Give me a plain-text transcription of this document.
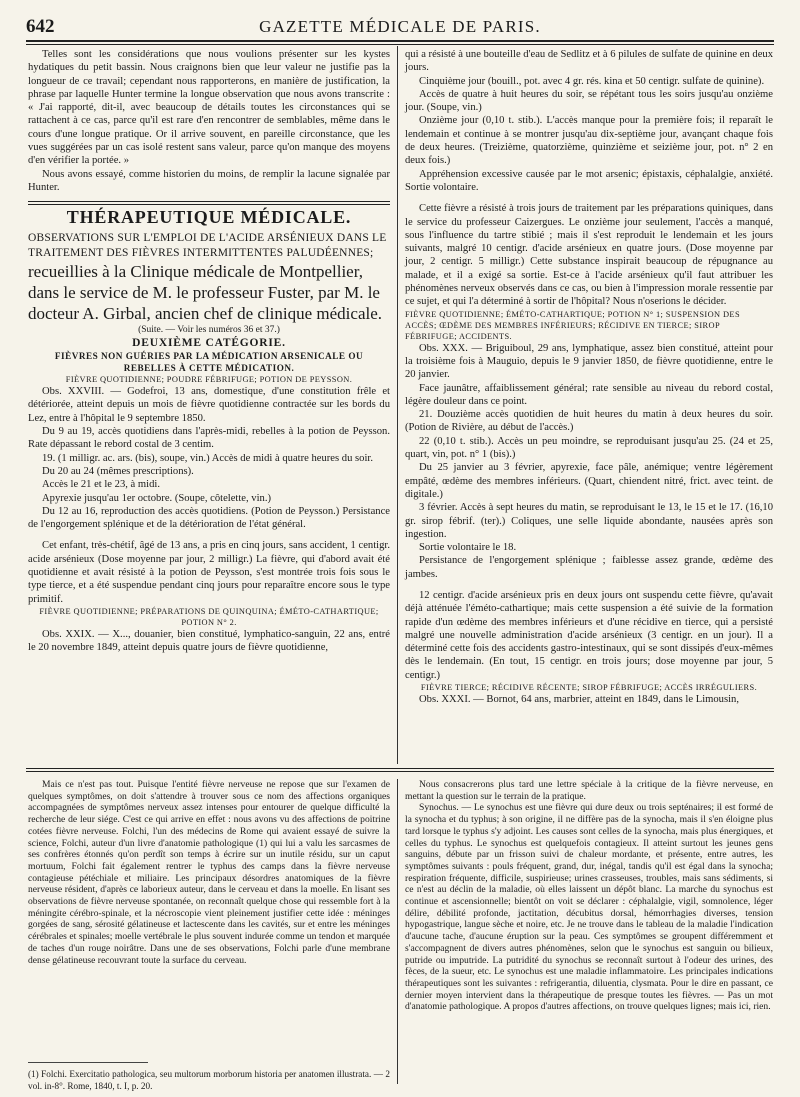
642	GAZETTE MÉDICALE DE PARIS.

Telles sont les considérations que nous voulions présenter sur les kystes hydatiques du petit bassin. Nous craignons bien que leur valeur ne justifie pas la longueur de ce travail; cependant nous rapporterons, en manière de justification, la phrase par laquelle Hunter termine la longue observation que nous avons transcrite : « J'ai rapporté, dit-il, avec beaucoup de détails toutes les circonstances qui se rattachent à ce cas, parce qu'il est rare d'en rencontrer de semblables, même dans le cours d'une longue pratique. Or il arrive souvent, en pareille circonstance, que les vues suggérées par un cas isolé restent sans valeur, parce qu'on manque des moyens d'en vérifier la portée. »

Nous avons essayé, comme historien du moins, de remplir la lacune signalée par Hunter.

THÉRAPEUTIQUE MÉDICALE.

OBSERVATIONS SUR L'EMPLOI DE L'ACIDE ARSÉNIEUX DANS LE TRAITEMENT DES FIÈVRES INTERMITTENTES PALUDÉENNES;

recueillies à la Clinique médicale de Montpellier, dans le service de M. le professeur Fuster, par M. le docteur A. Girbal, ancien chef de clinique médicale.

(Suite. — Voir les numéros 36 et 37.)

DEUXIÈME CATÉGORIE.

FIÈVRES NON GUÉRIES PAR LA MÉDICATION ARSENICALE OU REBELLES À CETTE MÉDICATION.

FIÈVRE QUOTIDIENNE; POUDRE FÉBRIFUGE; POTION DE PEYSSON.

Obs. XXVIII. — Godefroi, 13 ans, domestique, d'une constitution frêle et détériorée, atteint depuis un mois de fièvre quotidienne contractée sur les bords du Lez, entre à l'hôpital le 9 septembre 1850.

Du 9 au 19, accès quotidiens dans l'après-midi, rebelles à la potion de Peysson. Rate dépassant le rebord costal de 3 centim.

19. (1 milligr. ac. ars. (bis), soupe, vin.) Accès de midi à quatre heures du soir.

Du 20 au 24 (mêmes prescriptions).

Accès le 21 et le 23, à midi.

Apyrexie jusqu'au 1er octobre. (Soupe, côtelette, vin.)

Du 12 au 16, reproduction des accès quotidiens. (Potion de Peysson.) Persistance de l'engorgement splénique et de la détérioration de l'état général.

Cet enfant, très-chétif, âgé de 13 ans, a pris en cinq jours, sans accident, 1 centigr. acide arsénieux (Dose moyenne par jour, 2 milligr.) La fièvre, qui d'abord avait été quotidienne et avait résisté à la potion de Peysson, s'est montrée trois fois sous le type tierce, et a été suspendue pendant cinq jours pour reparaître encore sous le type primitif.

FIÈVRE QUOTIDIENNE; PRÉPARATIONS DE QUINQUINA; ÉMÉTO-CATHARTIQUE; POTION N° 2.

Obs. XXIX. — X..., douanier, bien constitué, lymphatico-sanguin, 22 ans, entré le 20 novembre 1849, atteint depuis quatre jours de fièvre quotidienne,

qui a résisté à une bouteille d'eau de Sedlitz et à 6 pilules de sulfate de quinine en deux jours.

Cinquième jour (bouill., pot. avec 4 gr. rés. kina et 50 centigr. sulfate de quinine).

Accès de quatre à huit heures du soir, se répétant tous les soirs jusqu'au onzième jour. (Soupe, vin.)

Onzième jour (0,10 t. stib.). L'accès manque pour la première fois; il reparaît le lendemain et continue à se montrer jusqu'au dix-septième jour, avançant chaque fois de deux heures. (Treizième, quatorzième, quinzième et seizième jour, pot. n° 2 en deux fois.)

Appréhension excessive causée par le mot arsenic; épistaxis, céphalalgie, anxiété. Sortie volontaire.

Cette fièvre a résisté à trois jours de traitement par les préparations quiniques, dans le service du professeur Caizergues. Le onzième jour seulement, l'accès a manqué, sous l'influence du tartre stibié ; mais il s'est reproduit le lendemain et les jours suivants, malgré 10 centigr. d'acide arsénieux en quatre jours. (Dose moyenne par jour, 2 centigr. 5 milligr.) Cette substance inspirait beaucoup de répugnance au malade, et il a exigé sa sortie. Est-ce à l'acide arsénieux qu'il faut attribuer les phénomènes nerveux observés dans ce cas, ou bien à l'impression morale ressentie par ce sujet, et qui l'a déterminé à sortir de l'hôpital? Nous n'oserions le décider.

FIÈVRE QUOTIDIENNE; ÉMÉTO-CATHARTIQUE; POTION N° 1; SUSPENSION DES ACCÈS; ŒDÈME DES MEMBRES INFÉRIEURS; RÉCIDIVE EN TIERCE; SIROP FÉBRIFUGE; ACCIDENTS.

Obs. XXX. — Briguiboul, 29 ans, lymphatique, assez bien constitué, atteint pour la troisième fois à Mauguio, depuis le 9 janvier 1850, de fièvre quotidienne, entre le 20 janvier.

Face jaunâtre, affaiblissement général; rate sensible au niveau du rebord costal, légère douleur dans ce point.

21. Douzième accès quotidien de huit heures du matin à deux heures du soir. (Potion de Rivière, au début de l'accès.)

22 (0,10 t. stib.). Accès un peu moindre, se reproduisant jusqu'au 25. (24 et 25, quart, vin, pot. n° 1 (bis).)

Du 25 janvier au 3 février, apyrexie, face pâle, anémique; ventre légèrement empâté, œdème des membres inférieurs. (Quart, chiendent nitré, frict. avec teint. de digitale.)

3 février. Accès à sept heures du matin, se reproduisant le 13, le 15 et le 17. (16,10 gr. sirop fébrif. (ter).) Coliques, une selle liquide abondante, nausées après son ingestion.

Sortie volontaire le 18.

Persistance de l'engorgement splénique ; faiblesse assez grande, œdème des jambes.

12 centigr. d'acide arsénieux pris en deux jours ont suspendu cette fièvre, qu'avait déjà atténuée l'éméto-cathartique; mais cette suspension a été suivie de la formation rapide d'un œdème des membres inférieurs et d'une récidive en tierce, qui a persisté malgré une nouvelle administration d'acide arsénieux (3 centigr. en un jour). Il a déterminé cette fois des accidents gastro-intestinaux, qui se sont dissipés d'eux-mêmes dès le lendemain. (En tout, 15 centigr. en trois jours; dose moyenne par jour, 5 centigr.)

FIÈVRE TIERCE; RÉCIDIVE RÉCENTE; SIROP FÉBRIFUGE; ACCÈS IRRÉGULIERS.

Obs. XXXI. — Bornot, 64 ans, marbrier, atteint en 1849, dans le Limousin,

Mais ce n'est pas tout. Puisque l'entité fièvre nerveuse ne repose que sur l'examen de quelques symptômes, on doit s'attendre à trouver sous ce nom des affections organiques accompagnées de symptômes nerveux assez intenses pour entourer de quelque difficulté la recherche de leur siége. C'est ce qui arrive en effet : nous avons vu des affections de poitrine cotées fièvre nerveuse. Folchi, l'un des médecins de Rome qui avaient essayé de suivre la science, Folchi, auteur d'un livre d'anatomie pathologique (1) qui lui a valu les sarcasmes de ses confrères étonnés qu'on perdît son temps à écrire sur un inutile résidu, sur un caput mortuum, Folchi fait également rentrer le typhus des camps dans la fièvre nerveuse contagieuse pétéchiale et miliaire. Les principaux désordres anatomiques de la fièvre nerveuse résident, d'après ce laborieux auteur, dans le cerveau et dans la moelle. En lisant ses observations de fièvre nerveuse spontanée, on reconnaît quelque chose qui ressemble fort à la méningite cérébro-spinale, et la nécroscopie vient pleinement justifier cette idée : méninges gorgées de sang, sérosité gélatineuse et lactescente dans les cavités, sur et entre les méninges cérébrales et spinales; moelle vertébrale le plus souvent indurée comme un tendon et marquée de taches d'un rouge noirâtre. Dans une de ses observations, Folchi parle d'une membrane dense gélatineuse recouvrant toute la surface du cerveau.

(1) Folchi. Exercitatio pathologica, seu multorum morborum historia per anatomen illustrata. — 2 vol. in-8°. Rome, 1840, t. I, p. 20.

Nous consacrerons plus tard une lettre spéciale à la critique de la fièvre nerveuse, en mettant la question sur le terrain de la pratique.

Synochus. — Le synochus est une fièvre qui dure deux ou trois septénaires; il est formé de la synocha et du typhus; à son origine, il ne diffère pas de la synocha, mais il s'en éloigne plus tard lorsque le typhus s'y adjoint. Les causes sont celles de la synocha, mais plus énergiques, et celles du typhus. Le synochus est quelquefois contagieux. Il atteint surtout les jeunes gens sanguins, débute par un frisson suivi de chaleur mordante, et présente, entre autres, les symptômes suivants : pouls fréquent, grand, dur, inégal, tandis qu'il est égal dans la synocha; respiration fréquente, difficile, suspirieuse; urines crasseuses, troubles, mais sans sédiments, si ce n'est au déclin de la maladie, où elles laissent un dépôt blanc. La marche du synochus est continue et ascensionnelle; bientôt on voit se déclarer : céphalalgie, vigil, somnolence, léger délire, débilité profonde, jactitation, décubitus dorsal, hémorrhagies diverses, tension hypogastrique, langue sèche et noire, etc. Je ne trouve dans le tableau de la maladie l'indication d'aucune tache, d'aucune éruption sur la peau. Ces symptômes se groupent différemment et s'accompagnent de divers autres phénomènes, selon que le synochus est sanguin ou bilieux, putride ou imputride. La putridité du synochus se reconnaît surtout à l'odeur des urines, des fèces, de la sueur, etc. Le synochus est une maladie inflammatoire. Les principales indications thérapeutiques sont les suivantes : refrigerantia, diluentia, clysmata. Pour le dire en passant, ce dernier moyen intervient dans la thérapeutique de presque toutes les fièvres. — Pas un mot d'anatomie pathologique. A propos d'autres affections, on trouve quelques lignes; mais ici, rien.
